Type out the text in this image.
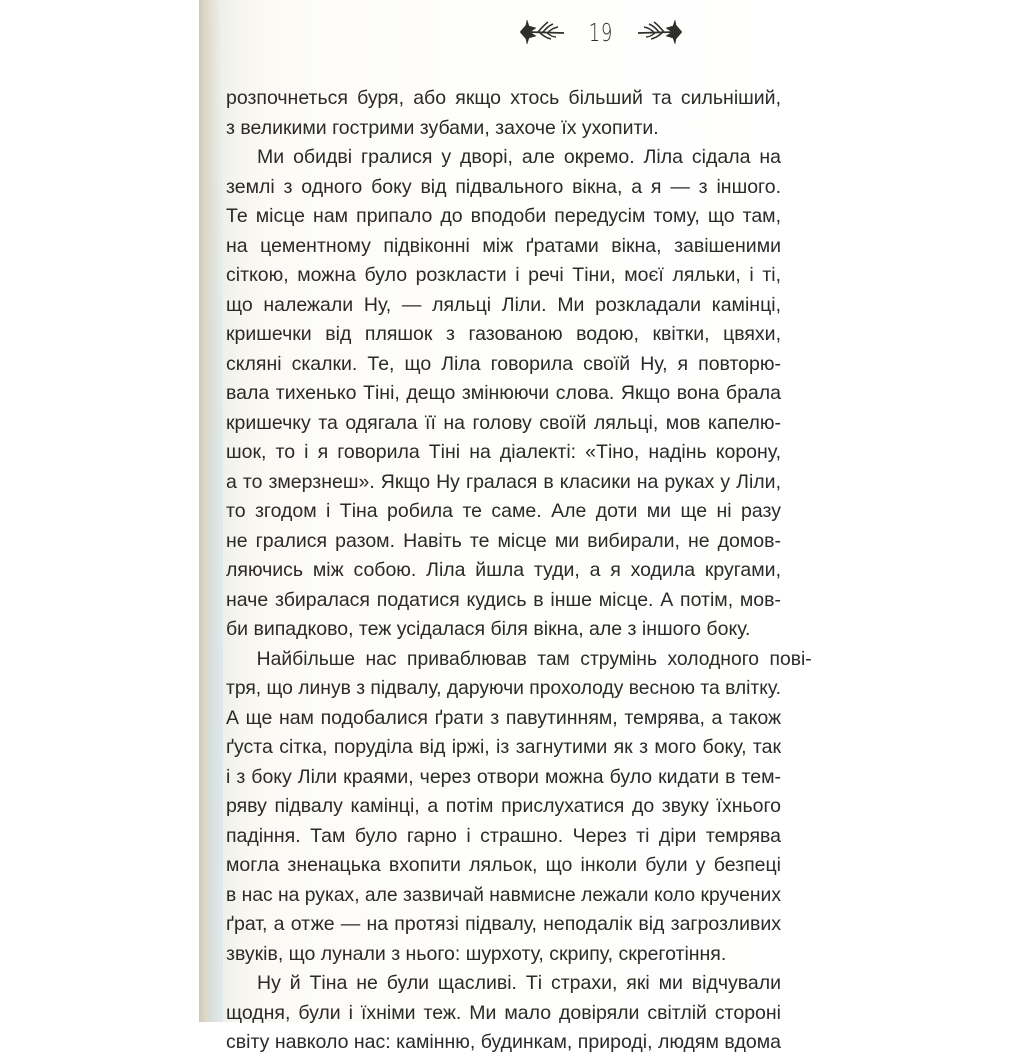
19
розпочнеться буря, або якщо хтось більший та сильніший,
з великими гострими зубами, захоче їх ухопити.
Ми обидві гралися у дворі, але окремо. Ліла сідала на
землі з одного боку від підвального вікна, а я — з іншого.
Те місце нам припало до вподоби передусім тому, що там,
на цементному підвіконні між ґратами вікна, завішеними
сіткою, можна було розкласти і речі Тіни, моєї ляльки, і ті,
що належали Ну, — ляльці Ліли. Ми розкладали камінці,
кришечки від пляшок з газованою водою, квітки, цвяхи,
скляні скалки. Те, що Ліла говорила своїй Ну, я повторю-
вала тихенько Тіні, дещо змінюючи слова. Якщо вона брала
кришечку та одягала її на голову своїй ляльці, мов капелю-
шок, то і я говорила Тіні на діалекті: «Тіно, надінь корону,
а то змерзнеш». Якщо Ну гралася в класики на руках у Ліли,
то згодом і Тіна робила те саме. Але доти ми ще ні разу
не гралися разом. Навіть те місце ми вибирали, не домов-
ляючись між собою. Ліла йшла туди, а я ходила кругами,
наче збиралася податися кудись в інше місце. А потім, мов-
би випадково, теж усідалася біля вікна, але з іншого боку.
Найбільше нас приваблював там струмінь холодного пові-
тря, що линув з підвалу, даруючи прохолоду весною та влітку.
А ще нам подобалися ґрати з павутинням, темрява, а також
ґуста сітка, поруділа від іржі, із загнутими як з мого боку, так
і з боку Ліли краями, через отвори можна було кидати в тем-
ряву підвалу камінці, а потім прислухатися до звуку їхнього
падіння. Там було гарно і страшно. Через ті діри темрява
могла зненацька вхопити ляльок, що інколи були у безпеці
в нас на руках, але зазвичай навмисне лежали коло кручених
ґрат, а отже — на протязі підвалу, неподалік від загрозливих
звуків, що лунали з нього: шурхоту, скрипу, скреготіння.
Ну й Тіна не були щасливі. Ті страхи, які ми відчували
щодня, були і їхніми теж. Ми мало довіряли світлій стороні
світу навколо нас: камінню, будинкам, природі, людям вдома
